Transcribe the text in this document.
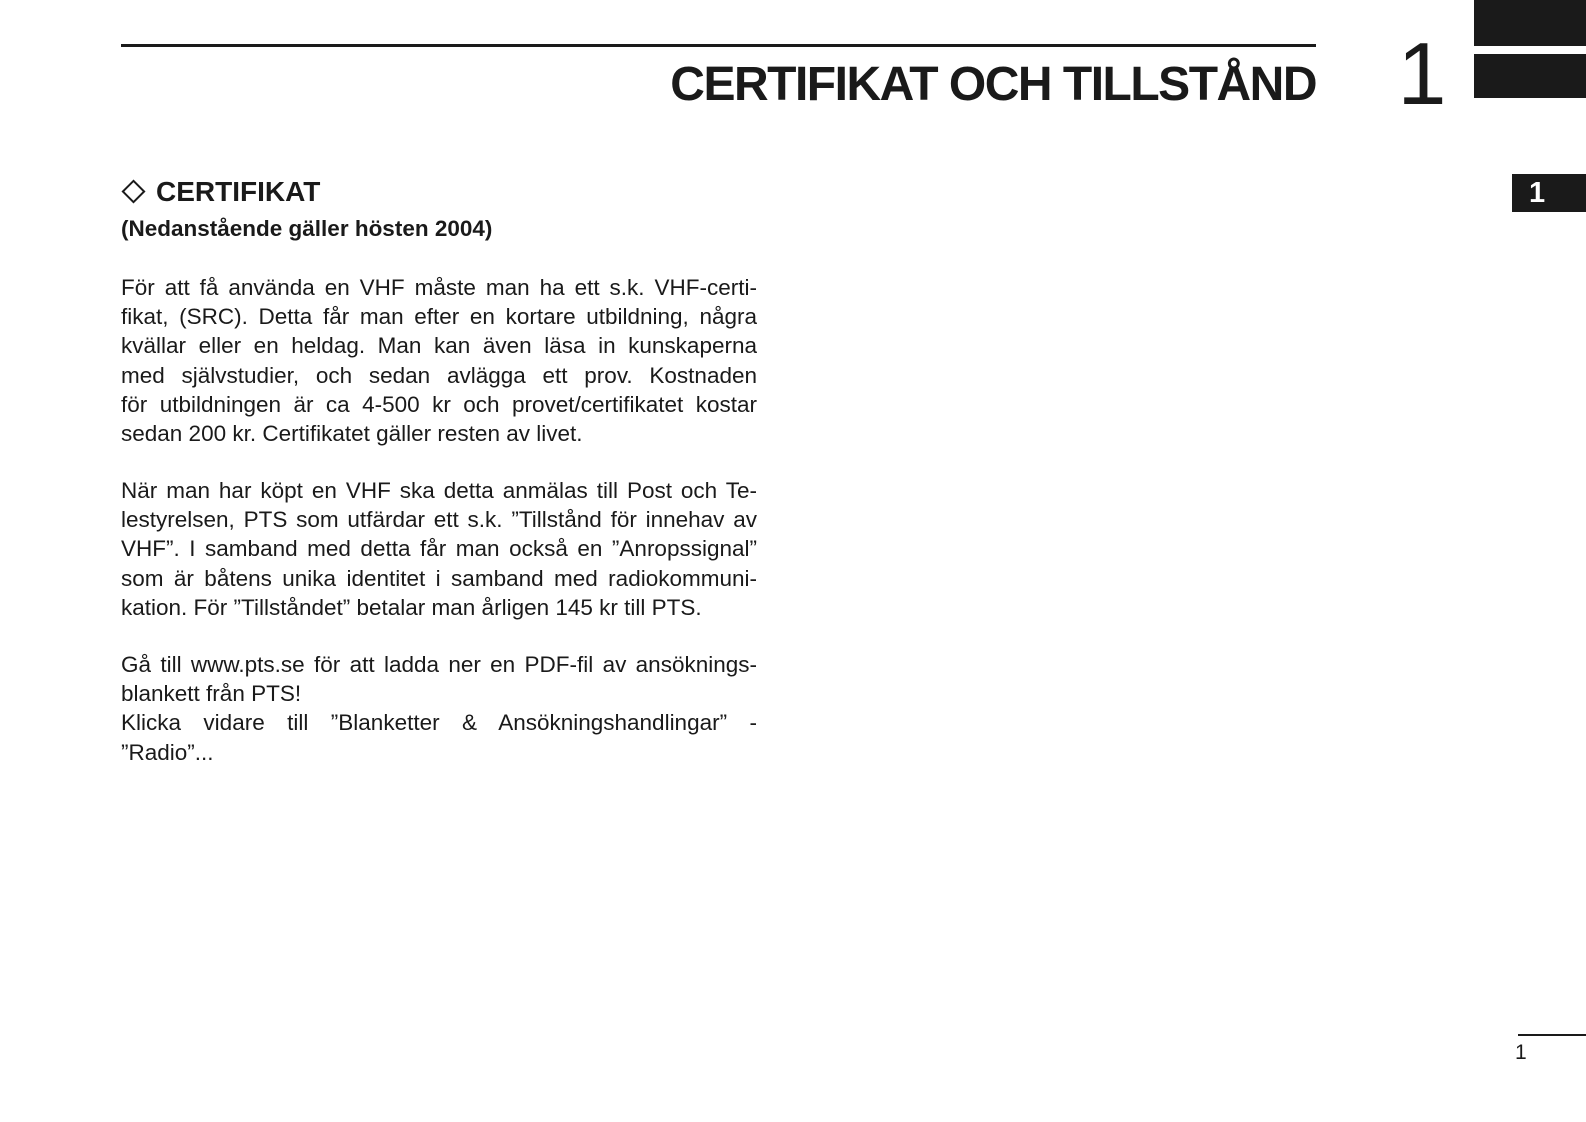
CERTIFIKAT OCH TILLSTÅND 1
1
CERTIFIKAT
(Nedanstående gäller hösten 2004)
För att få använda en VHF måste man ha ett s.k. VHF-certi-
fikat, (SRC). Detta får man efter en kortare utbildning, några
kvällar eller en heldag. Man kan även läsa in kunskaperna
med självstudier, och sedan avlägga ett prov. Kostnaden
för utbildningen är ca 4-500 kr och provet/certifikatet kostar
sedan 200 kr. Certifikatet gäller resten av livet.
När man har köpt en VHF ska detta anmälas till Post och Te-
lestyrelsen, PTS som utfärdar ett s.k. ”Tillstånd för innehav av
VHF”. I samband med detta får man också en ”Anropssignal”
som är båtens unika identitet i samband med radiokommuni-
kation. För ”Tillståndet” betalar man årligen 145 kr till PTS.
Gå till www.pts.se för att ladda ner en PDF-fil av ansöknings-
blankett från PTS!
Klicka vidare till ”Blanketter & Ansökningshandlingar” -
”Radio”...
1
